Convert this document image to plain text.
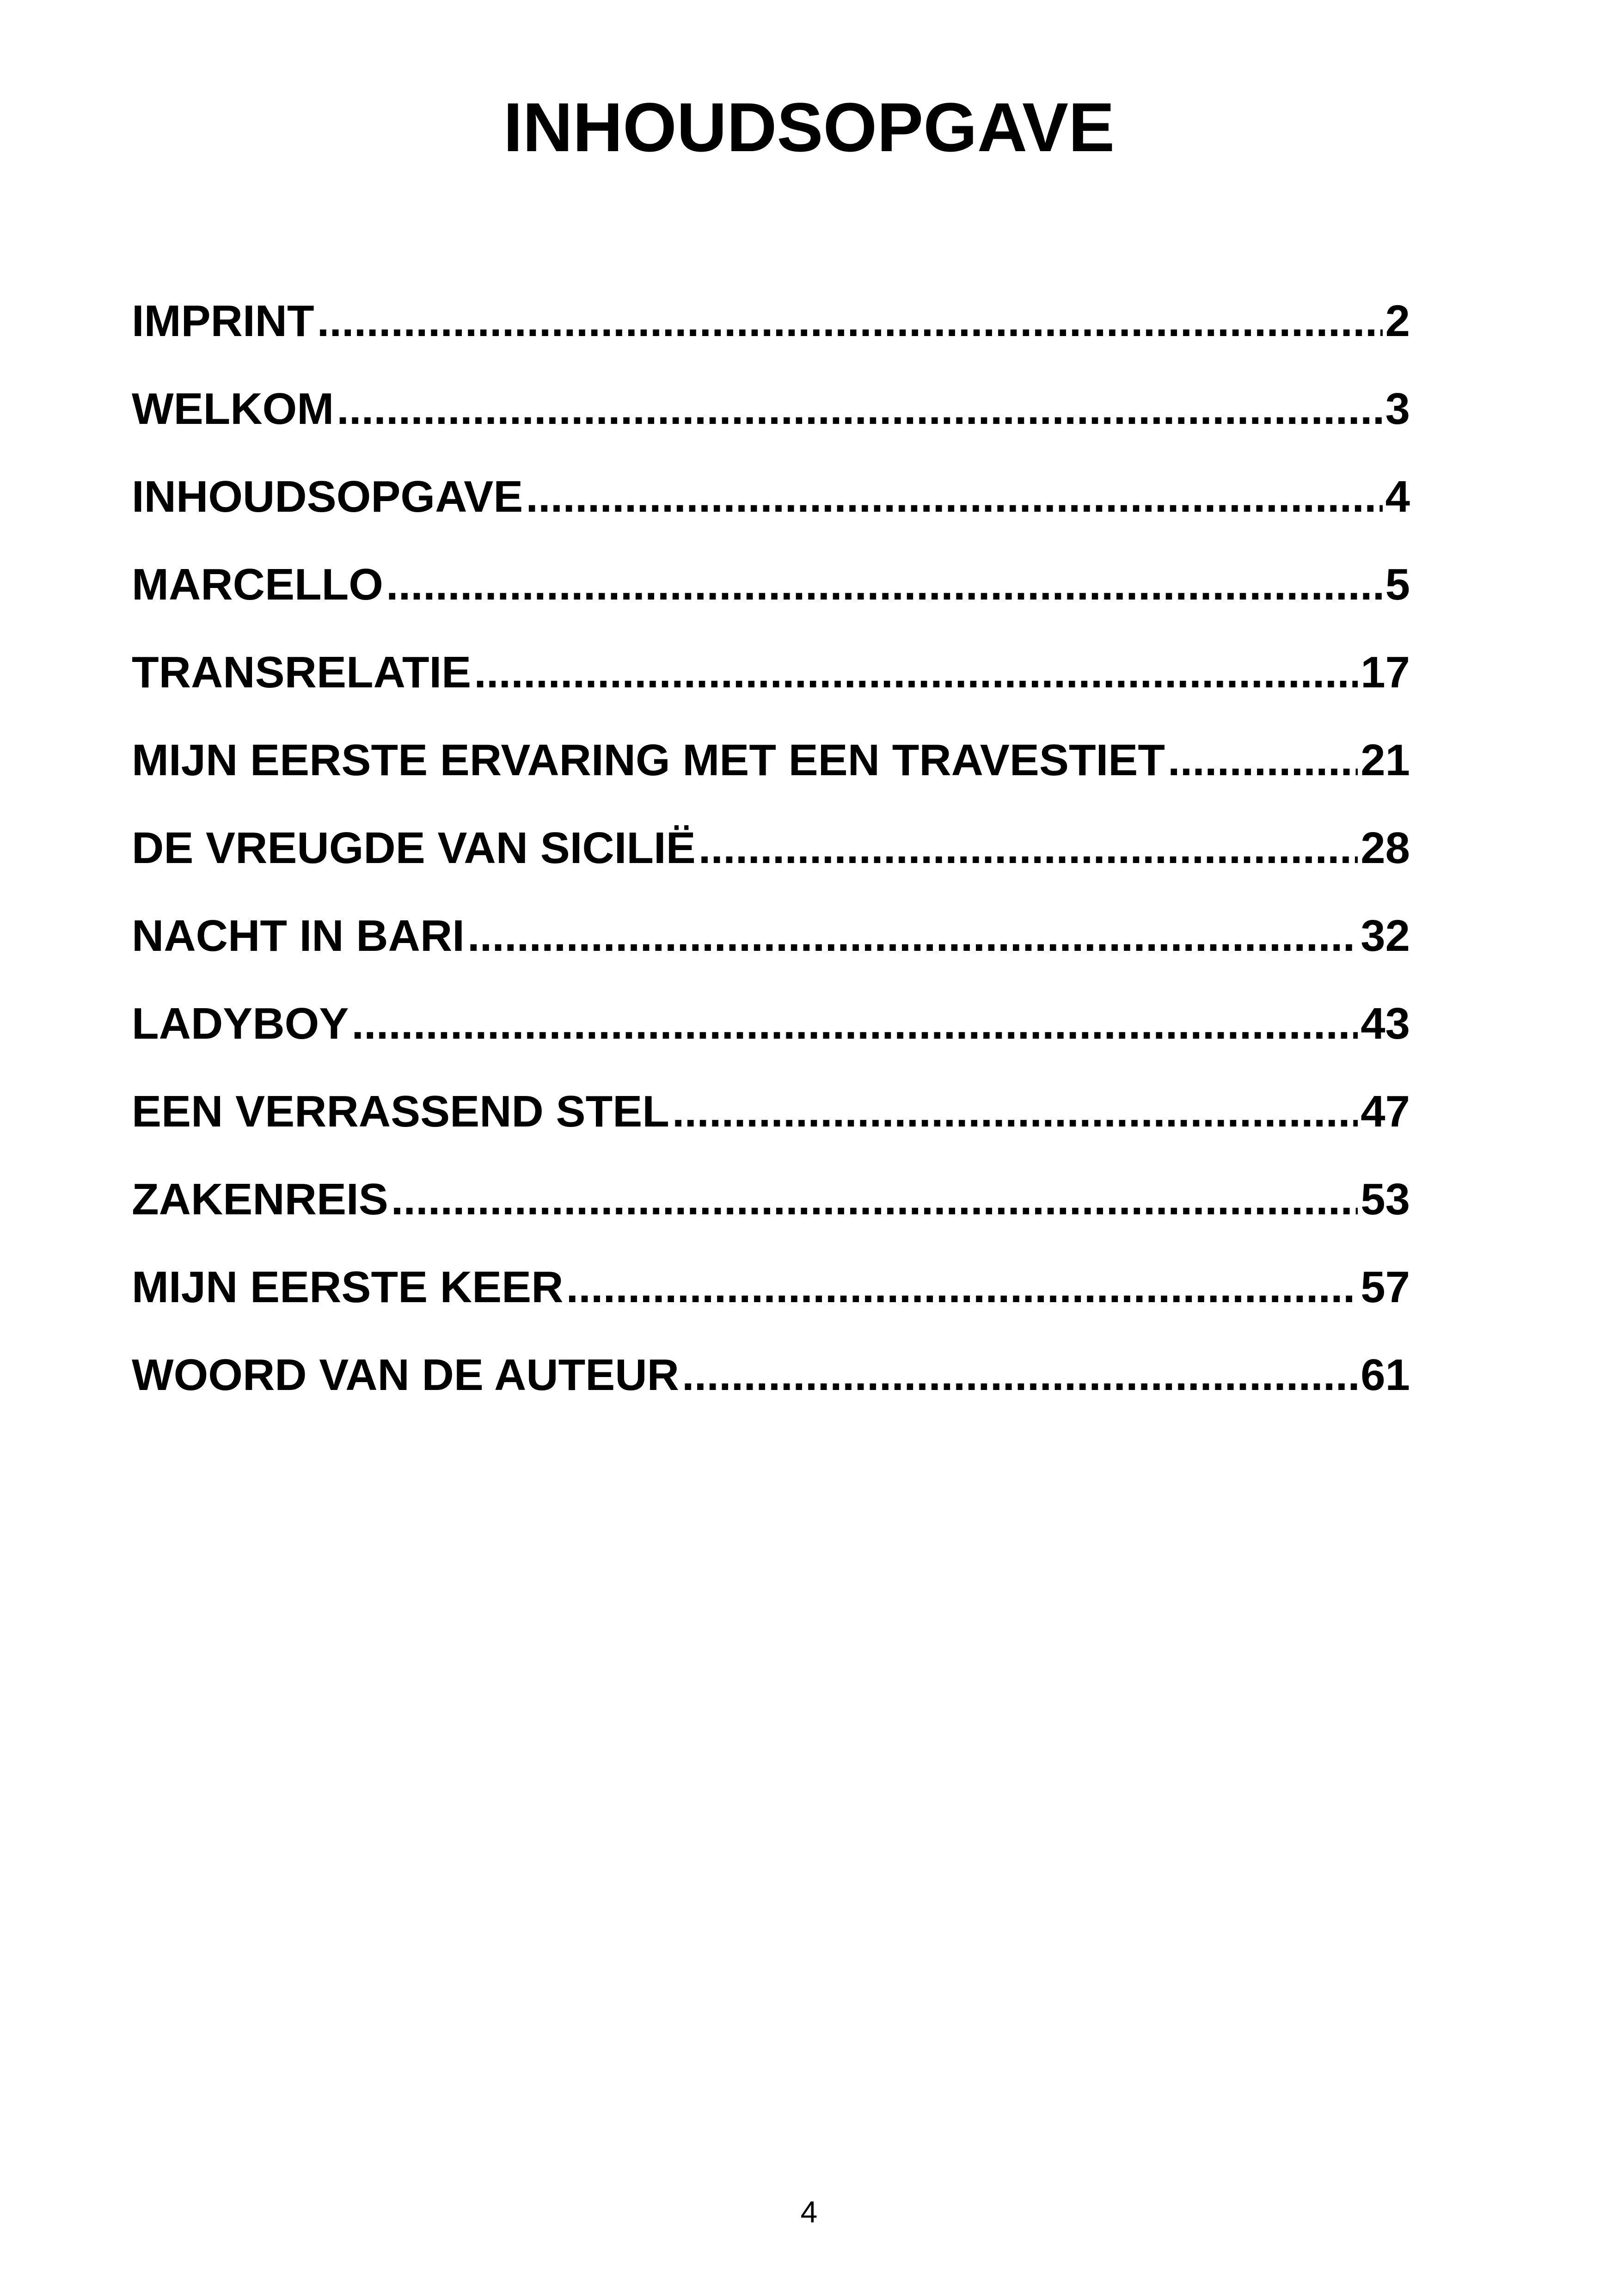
INHOUDSOPGAVE
IMPRINT .....	2
WELKOM .....	3
INHOUDSOPGAVE .....	4
MARCELLO .....	5
TRANSRELATIE .....	17
MIJN EERSTE ERVARING MET EEN TRAVESTIET .....	21
DE VREUGDE VAN SICILIË .....	28
NACHT IN BARI .....	32
LADYBOY .....	43
EEN VERRASSEND STEL .....	47
ZAKENREIS .....	53
MIJN EERSTE KEER .....	57
WOORD VAN DE AUTEUR .....	61
4
